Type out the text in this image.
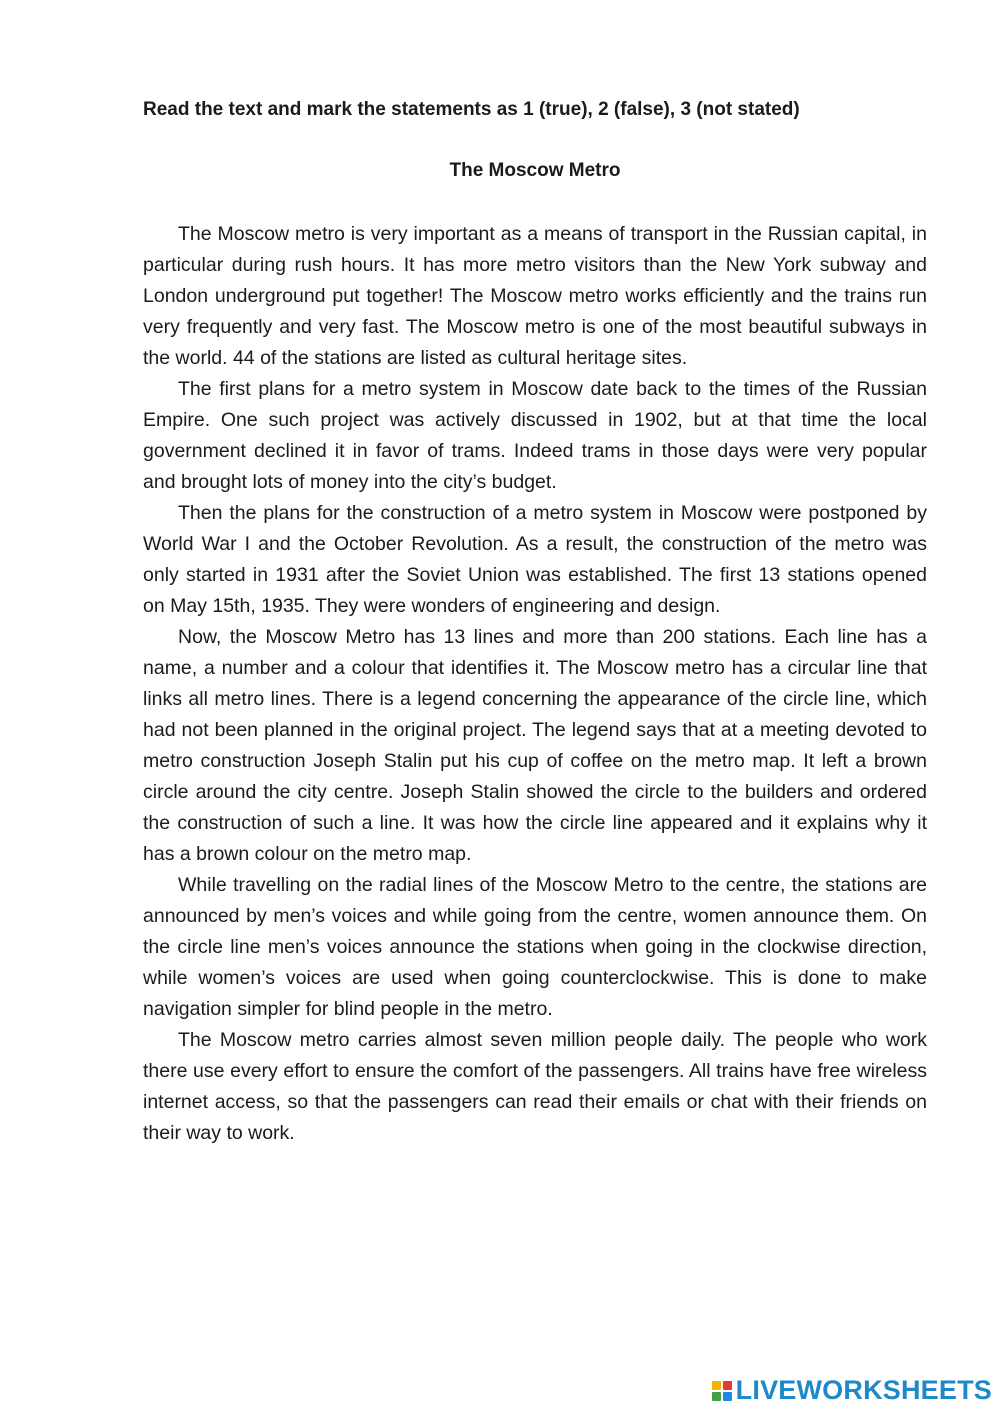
Read the text and mark the statements as 1 (true), 2 (false), 3 (not stated)
The Moscow Metro

The Moscow metro is very important as a means of transport in the Russian capital, in particular during rush hours. It has more metro visitors than the New York subway and London underground put together! The Moscow metro works efficiently and the trains run very frequently and very fast. The Moscow metro is one of the most beautiful subways in the world. 44 of the stations are listed as cultural heritage sites.

The first plans for a metro system in Moscow date back to the times of the Russian Empire. One such project was actively discussed in 1902, but at that time the local government declined it in favor of trams. Indeed trams in those days were very popular and brought lots of money into the city’s budget.

Then the plans for the construction of a metro system in Moscow were postponed by World War I and the October Revolution. As a result, the construction of the metro was only started in 1931 after the Soviet Union was established. The first 13 stations opened on May 15th, 1935. They were wonders of engineering and design.

Now, the Moscow Metro has 13 lines and more than 200 stations. Each line has a name, a number and a colour that identifies it. The Moscow metro has a circular line that links all metro lines. There is a legend concerning the appearance of the circle line, which had not been planned in the original project. The legend says that at a meeting devoted to metro construction Joseph Stalin put his cup of coffee on the metro map. It left a brown circle around the city centre. Joseph Stalin showed the circle to the builders and ordered the construction of such a line. It was how the circle line appeared and it explains why it has a brown colour on the metro map.

While travelling on the radial lines of the Moscow Metro to the centre, the stations are announced by men’s voices and while going from the centre, women announce them. On the circle line men’s voices announce the stations when going in the clockwise direction, while women’s voices are used when going counterclockwise. This is done to make navigation simpler for blind people in the metro.

The Moscow metro carries almost seven million people daily. The people who work there use every effort to ensure the comfort of the passengers. All trains have free wireless internet access, so that the passengers can read their emails or chat with their friends on their way to work.

LIVEWORKSHEETS
